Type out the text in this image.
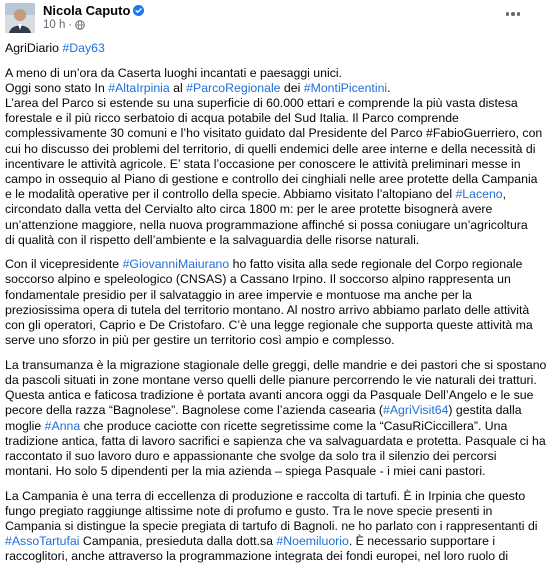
Nicola Caputo
10 h ·
AgriDiario #Day63
A meno di un’ora da Caserta luoghi incantati e paesaggi unici.
Oggi sono stato In #AltaIrpinia al #ParcoRegionale dei #MontiPicentini.
L’area del Parco si estende su una superficie di 60.000 ettari e comprende la più vasta distesa
forestale e il più ricco serbatoio di acqua potabile del Sud Italia. Il Parco comprende
complessivamente 30 comuni e l’ho visitato guidato dal Presidente del Parco #FabioGuerriero, con
cui ho discusso dei problemi del territorio, di quelli endemici delle aree interne e della necessità di
incentivare le attività agricole. E’ stata l’occasione per conoscere le attività preliminari messe in
campo in ossequio al Piano di gestione e controllo dei cinghiali nelle aree protette della Campania
e le modalità operative per il controllo della specie. Abbiamo visitato l’altopiano del #Laceno,
circondato dalla vetta del Cervialto alto circa 1800 m: per le aree protette bisognerà avere
un’attenzione maggiore, nella nuova programmazione affinché si possa coniugare un’agricoltura
di qualità con il rispetto dell’ambiente e la salvaguardia delle risorse naturali.
Con il vicepresidente #GiovanniMaiurano ho fatto visita alla sede regionale del Corpo regionale
soccorso alpino e speleologico (CNSAS) a Cassano Irpino. Il soccorso alpino rappresenta un
fondamentale presidio per il salvataggio in aree impervie e montuose ma anche per la
preziosissima opera di tutela del territorio montano. Al nostro arrivo abbiamo parlato delle attività
con gli operatori, Caprio e De Cristofaro. C’è una legge regionale che supporta queste attività ma
serve uno sforzo in più per gestire un territorio così ampio e complesso.
La transumanza è la migrazione stagionale delle greggi, delle mandrie e dei pastori che si spostano
da pascoli situati in zone montane verso quelli delle pianure percorrendo le vie naturali dei tratturi.
Questa antica e faticosa tradizione è portata avanti ancora oggi da Pasquale Dell’Angelo e le sue
pecore della razza “Bagnolese”. Bagnolese come l’azienda casearia (#AgriVisit64) gestita dalla
moglie #Anna che produce caciotte con ricette segretissime come la “CasuRiCiccillera”. Una
tradizione antica, fatta di lavoro sacrifici e sapienza che va salvaguardata e protetta. Pasquale ci ha
raccontato il suo lavoro duro e appassionante che svolge da solo tra il silenzio dei percorsi
montani. Ho solo 5 dipendenti per la mia azienda – spiega Pasquale - i miei cani pastori.
La Campania è una terra di eccellenza di produzione e raccolta di tartufi. È in Irpinia che questo
fungo pregiato raggiunge altissime note di profumo e gusto. Tra le nove specie presenti in
Campania si distingue la specie pregiata di tartufo di Bagnoli. ne ho parlato con i rappresentanti di
#AssoTartufai Campania, presieduta dalla dott.sa #Noemiluorio. È necessario supportare i
raccoglitori, anche attraverso la programmazione integrata dei fondi europei, nel loro ruolo di
